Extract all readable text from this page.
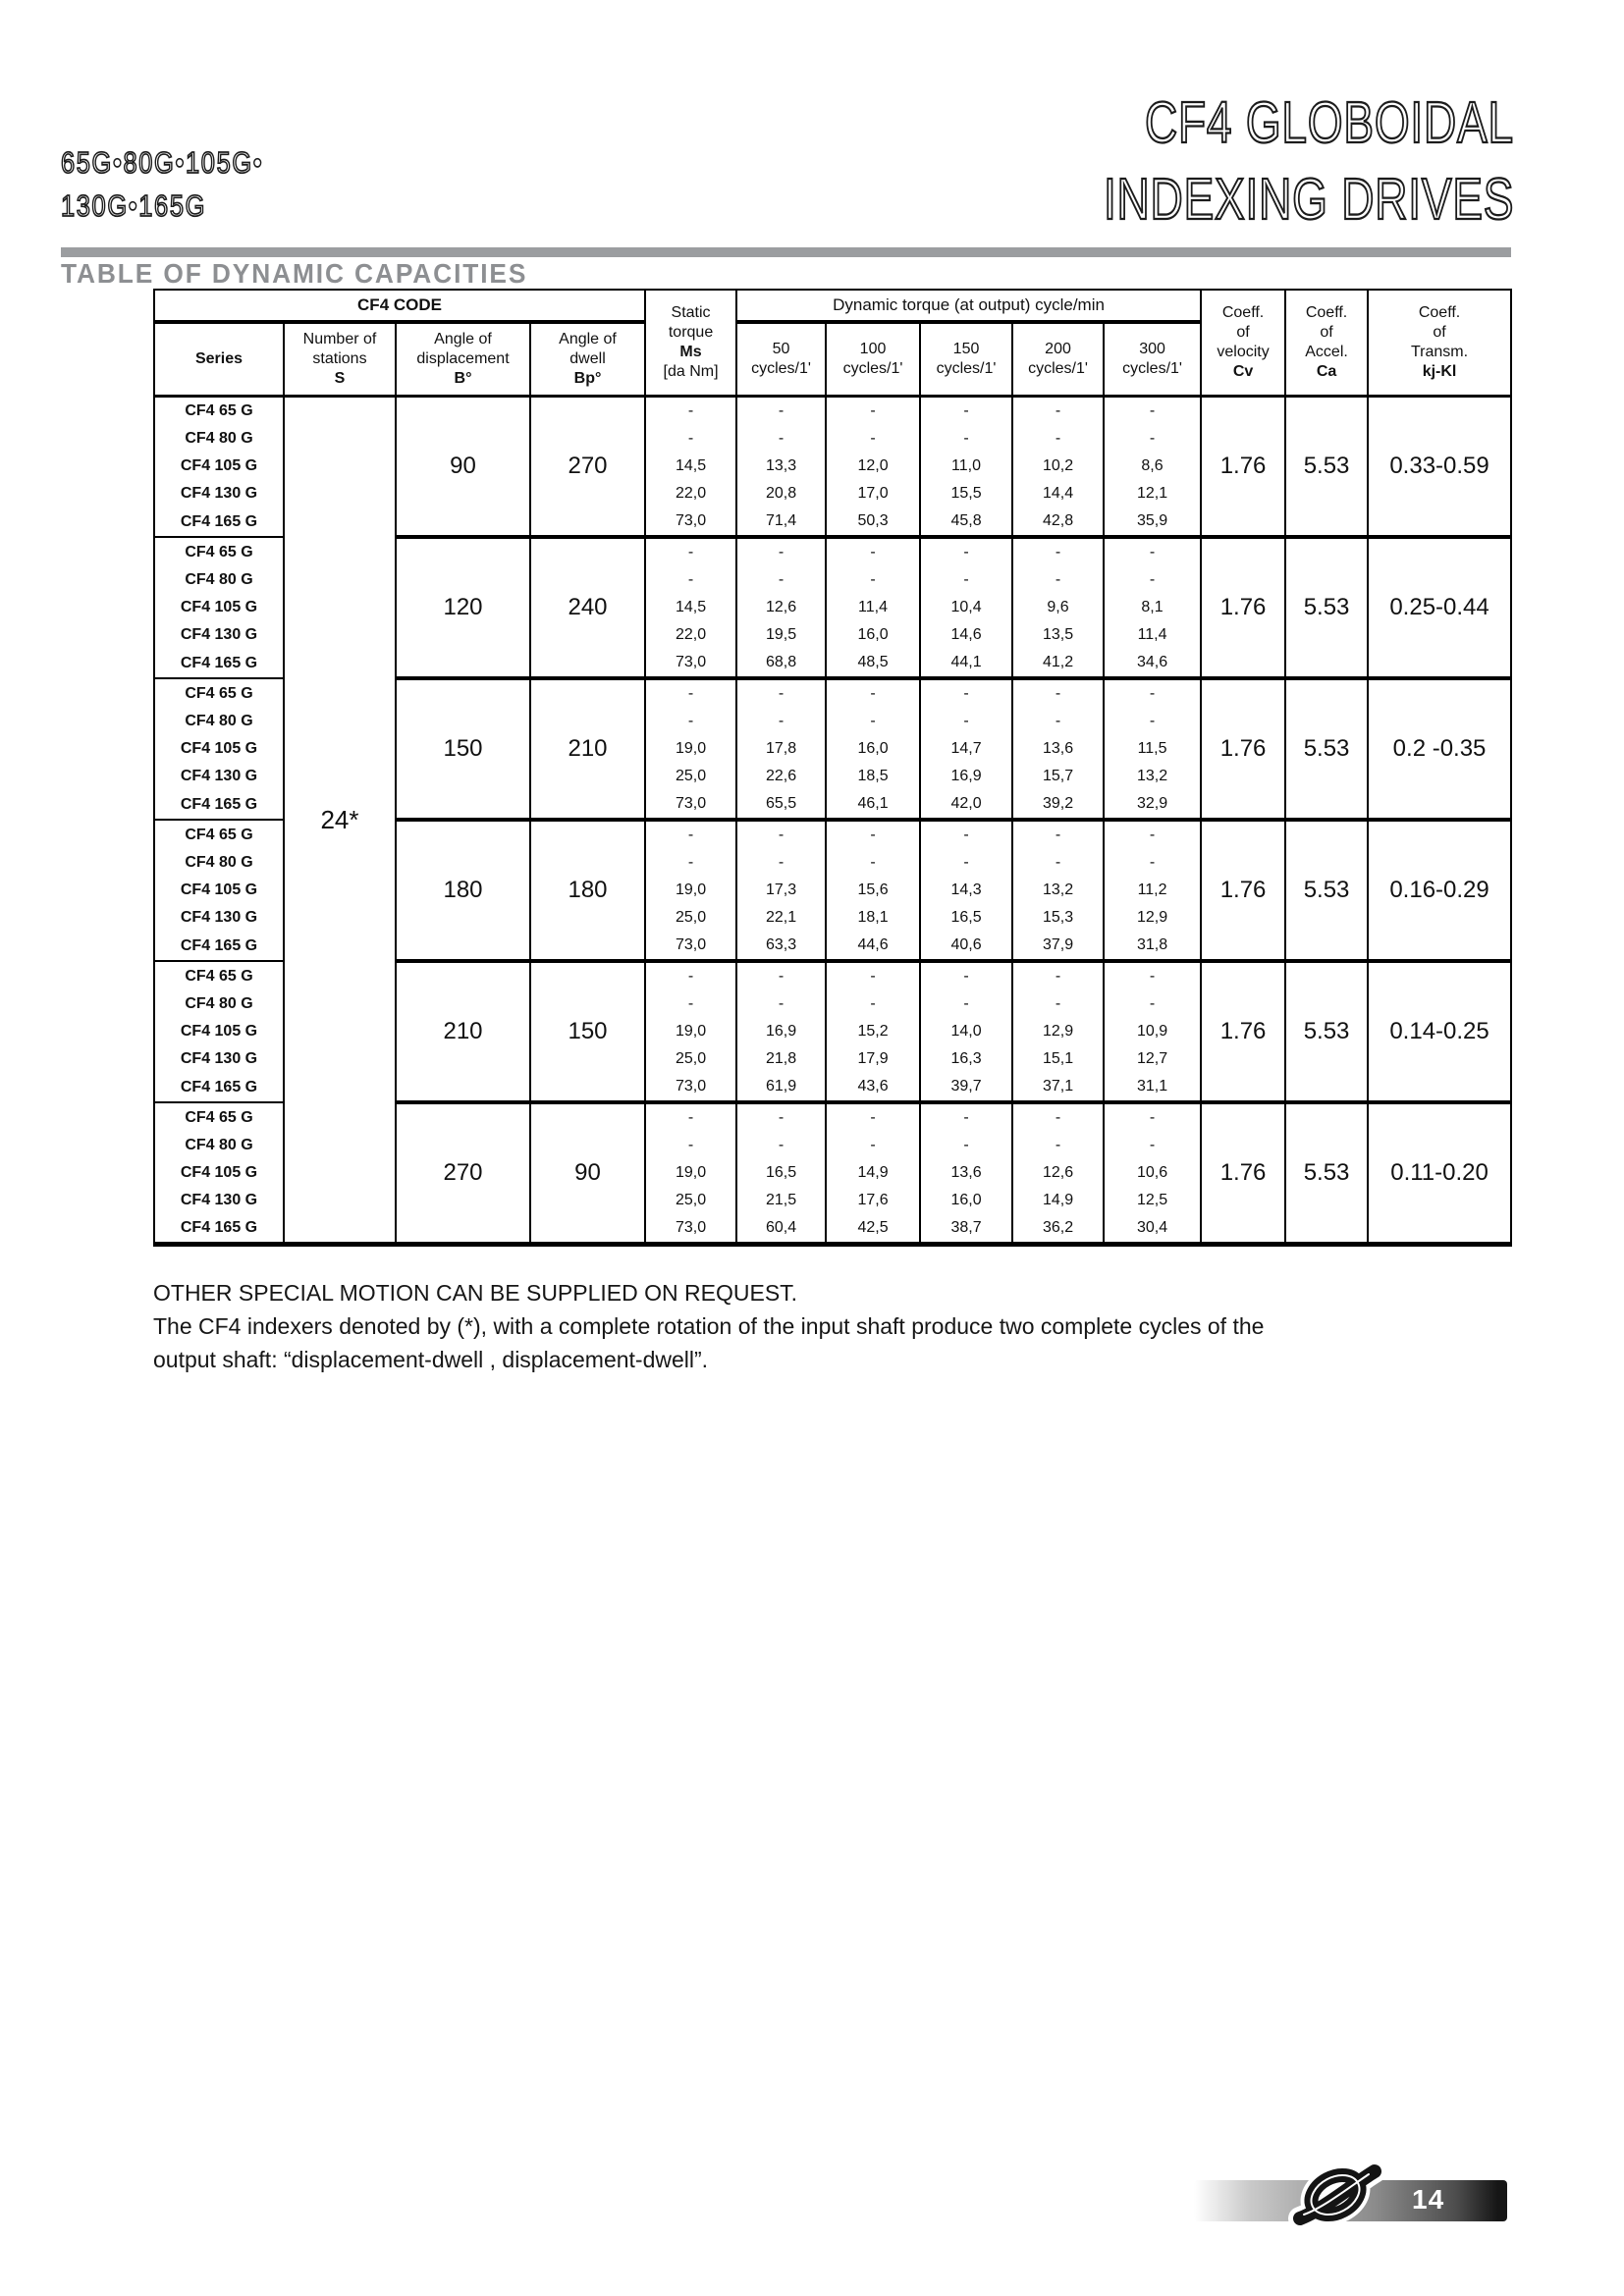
65G•80G•105G•
130G•165G
CF4 GLOBOIDAL
INDEXING DRIVES
TABLE OF DYNAMIC CAPACITIES
CF4 CODE				Static
torque
Ms
[da Nm]	Dynamic torque (at output) cycle/min					Coeff.
of
velocity
Cv	Coeff.
of
Accel.
Ca	Coeff.
of
Transm.
kj-Kl

Series	Number of
stations
S	Angle of
displacement
B°	Angle of
dwell
Bp°		50
cycles/1'	100
cycles/1'	150
cycles/1'	200
cycles/1'	300
cycles/1'			

CF4 65 G	24*	90	270	-	-	-	-	-	-	1.76	5.53	0.33-0.59
CF4 80 G				-	-	-	-	-	-			
CF4 105 G				14,5	13,3	12,0	11,0	10,2	8,6			
CF4 130 G				22,0	20,8	17,0	15,5	14,4	12,1			
CF4 165 G				73,0	71,4	50,3	45,8	42,8	35,9			
CF4 65 G		120	240	-	-	-	-	-	-	1.76	5.53	0.25-0.44
CF4 80 G				-	-	-	-	-	-			
CF4 105 G				14,5	12,6	11,4	10,4	9,6	8,1			
CF4 130 G				22,0	19,5	16,0	14,6	13,5	11,4			
CF4 165 G				73,0	68,8	48,5	44,1	41,2	34,6			
CF4 65 G		150	210	-	-	-	-	-	-	1.76	5.53	0.2 -0.35
CF4 80 G				-	-	-	-	-	-			
CF4 105 G				19,0	17,8	16,0	14,7	13,6	11,5			
CF4 130 G				25,0	22,6	18,5	16,9	15,7	13,2			
CF4 165 G				73,0	65,5	46,1	42,0	39,2	32,9			
CF4 65 G		180	180	-	-	-	-	-	-	1.76	5.53	0.16-0.29
CF4 80 G				-	-	-	-	-	-			
CF4 105 G				19,0	17,3	15,6	14,3	13,2	11,2			
CF4 130 G				25,0	22,1	18,1	16,5	15,3	12,9			
CF4 165 G				73,0	63,3	44,6	40,6	37,9	31,8			
CF4 65 G		210	150	-	-	-	-	-	-	1.76	5.53	0.14-0.25
CF4 80 G				-	-	-	-	-	-			
CF4 105 G				19,0	16,9	15,2	14,0	12,9	10,9			
CF4 130 G				25,0	21,8	17,9	16,3	15,1	12,7			
CF4 165 G				73,0	61,9	43,6	39,7	37,1	31,1			
CF4 65 G		270	90	-	-	-	-	-	-	1.76	5.53	0.11-0.20
CF4 80 G				-	-	-	-	-	-			
CF4 105 G				19,0	16,5	14,9	13,6	12,6	10,6			
CF4 130 G				25,0	21,5	17,6	16,0	14,9	12,5			
CF4 165 G				73,0	60,4	42,5	38,7	36,2	30,4			
OTHER SPECIAL MOTION CAN BE SUPPLIED ON REQUEST.
The CF4 indexers denoted by (*), with a complete rotation of the input shaft produce two complete cycles of the
output shaft: “displacement-dwell , displacement-dwell”.
14
